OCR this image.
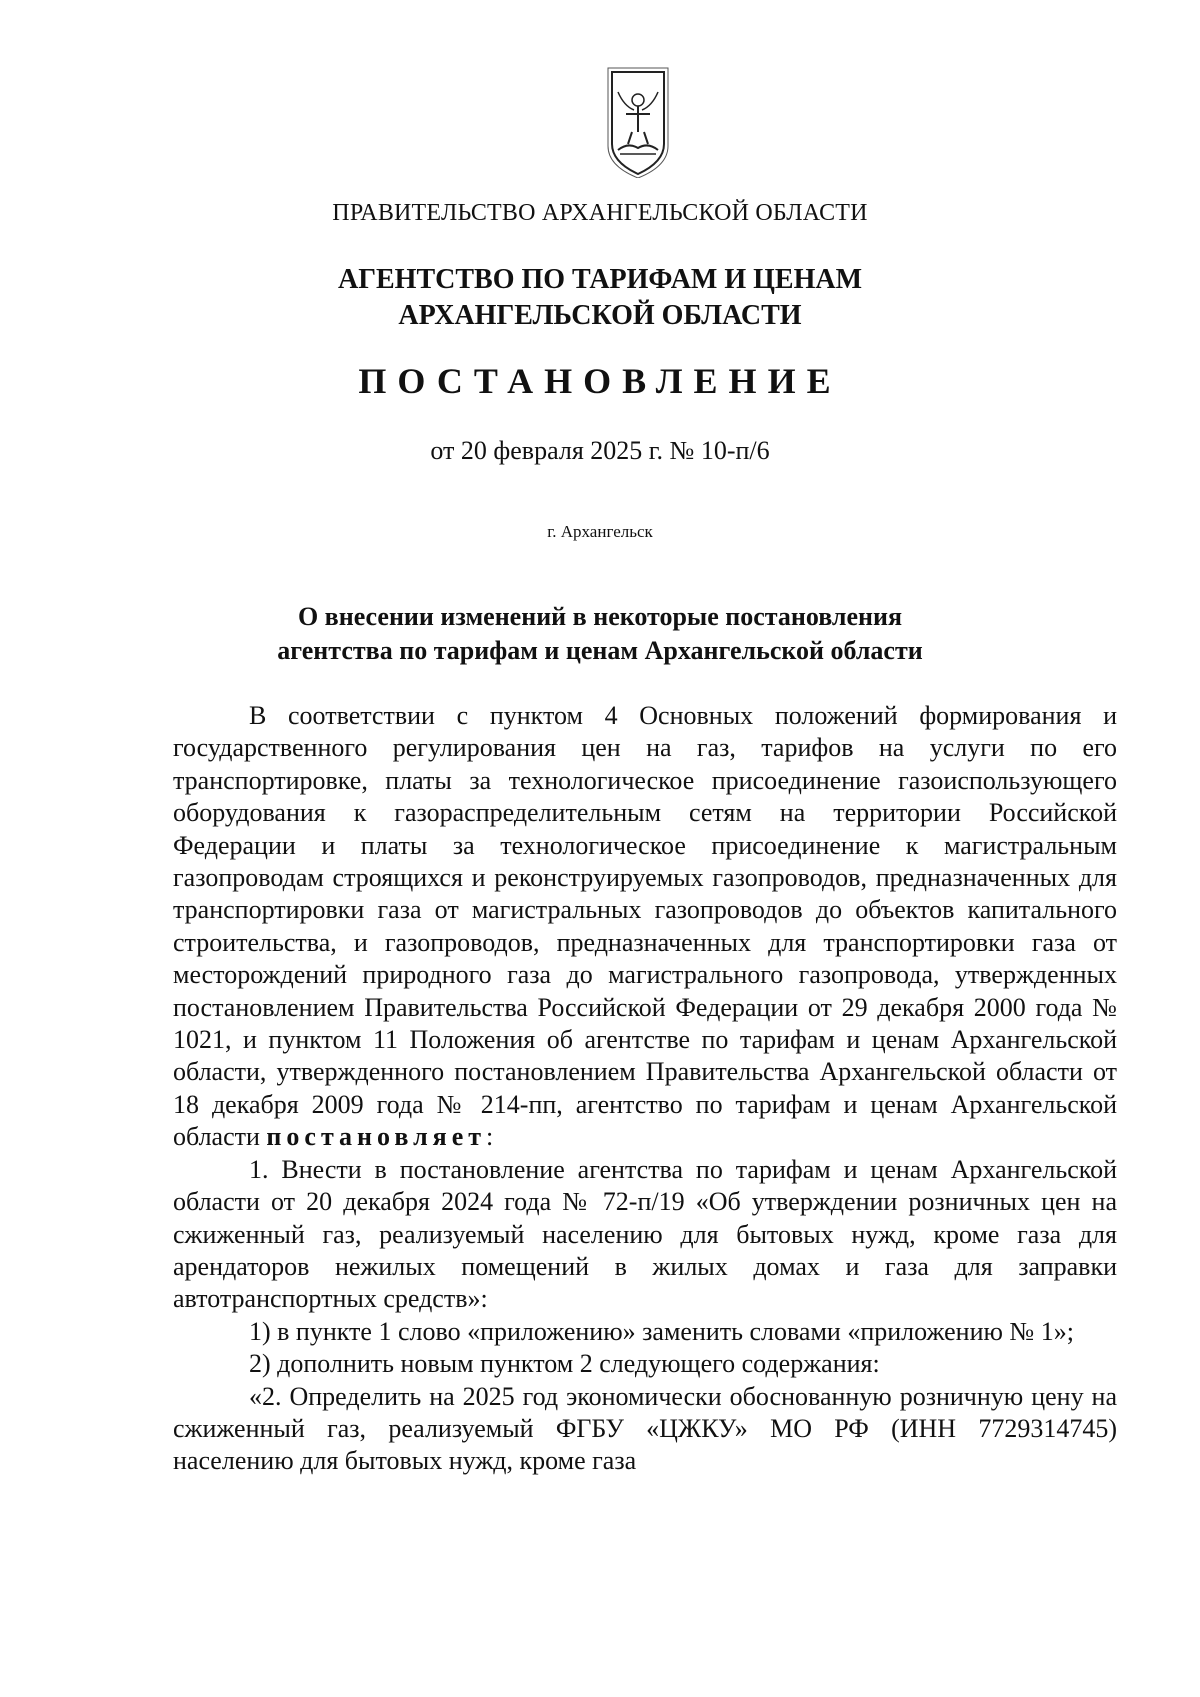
ПРАВИТЕЛЬСТВО АРХАНГЕЛЬСКОЙ ОБЛАСТИ
АГЕНТСТВО ПО ТАРИФАМ И ЦЕНАМ
АРХАНГЕЛЬСКОЙ ОБЛАСТИ
ПОСТАНОВЛЕНИЕ
от 20 февраля 2025 г. № 10-п/6
г. Архангельск
О внесении изменений в некоторые постановления
агентства по тарифам и ценам Архангельской области

В соответствии с пунктом 4 Основных положений формирования и государственного регулирования цен на газ, тарифов на услуги по его транспортировке, платы за технологическое присоединение газоиспользующего оборудования к газораспределительным сетям на территории Российской Федерации и платы за технологическое присоединение к магистральным газопроводам строящихся и реконструируемых газопроводов, предназначенных для транспортировки газа от магистральных газопроводов до объектов капитального строительства, и газопроводов, предназначенных для транспортировки газа от месторождений природного газа до магистрального газопровода, утвержденных постановлением Правительства Российской Федерации от 29 декабря 2000 года № 1021, и пунктом 11 Положения об агентстве по тарифам и ценам Архангельской области, утвержденного постановлением Правительства Архангельской области от 18 декабря 2009 года № 214-пп, агентство по тарифам и ценам Архангельской области постановляет:

1. Внести в постановление агентства по тарифам и ценам Архангельской области от 20 декабря 2024 года № 72-п/19 «Об утверждении розничных цен на сжиженный газ, реализуемый населению для бытовых нужд, кроме газа для арендаторов нежилых помещений в жилых домах и газа для заправки автотранспортных средств»:

1) в пункте 1 слово «приложению» заменить словами «приложению № 1»;

2) дополнить новым пунктом 2 следующего содержания:

«2. Определить на 2025 год экономически обоснованную розничную цену на сжиженный газ, реализуемый ФГБУ «ЦЖКУ» МО РФ (ИНН 7729314745) населению для бытовых нужд, кроме газа
